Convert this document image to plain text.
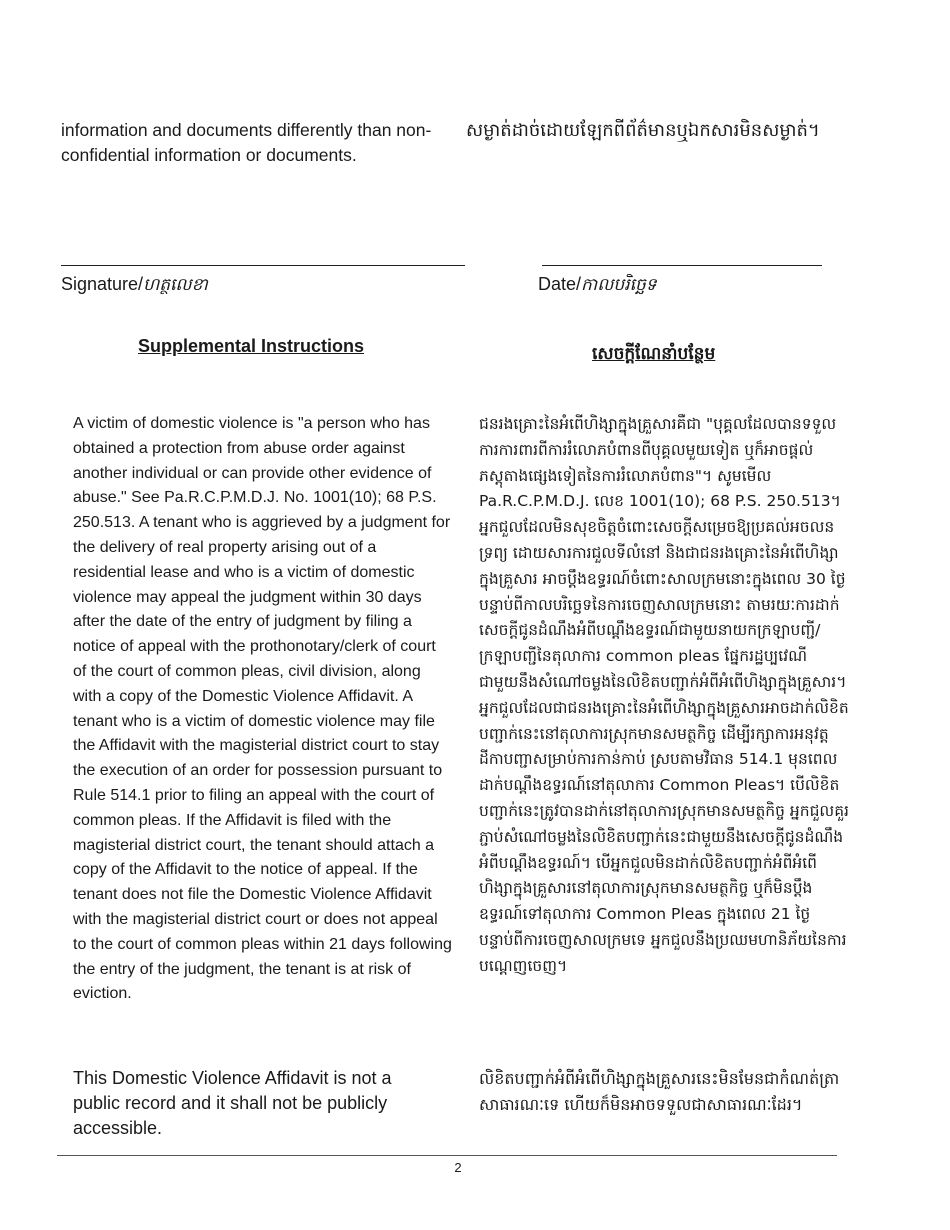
information and documents differently than non-confidential information or documents.
សម្ងាត់ដាច់ដោយឡែកពីព័ត៌មានឬឯកសារមិនសម្ងាត់។
Signature/ហត្ថលេខា	Date/កាលបរិច្ឆេទ
Supplemental Instructions	សេចក្តីណែនាំបន្ថែម
A victim of domestic violence is "a person who has obtained a protection from abuse order against another individual or can provide other evidence of abuse." See Pa.R.C.P.M.D.J. No. 1001(10); 68 P.S. 250.513. A tenant who is aggrieved by a judgment for the delivery of real property arising out of a residential lease and who is a victim of domestic violence may appeal the judgment within 30 days after the date of the entry of judgment by filing a notice of appeal with the prothonotary/clerk of court of the court of common pleas, civil division, along with a copy of the Domestic Violence Affidavit. A tenant who is a victim of domestic violence may file the Affidavit with the magisterial district court to stay the execution of an order for possession pursuant to Rule 514.1 prior to filing an appeal with the court of common pleas. If the Affidavit is filed with the magisterial district court, the tenant should attach a copy of the Affidavit to the notice of appeal. If the tenant does not file the Domestic Violence Affidavit with the magisterial district court or does not appeal to the court of common pleas within 21 days following the entry of the judgment, the tenant is at risk of eviction.
ជនរងគ្រោះនៃអំពើហិង្សាក្នុងគ្រួសារគឺជា "បុគ្គលដែលបានទទួលការការពារពីការរំលោភបំពានពីបុគ្គលមួយទៀត ឬក៏អាចផ្តល់ភស្តុតាងផ្សេងទៀតនៃការរំលោភបំពាន"។ សូមមើល Pa.R.C.P.M.D.J. លេខ 1001(10); 68 P.S. 250.513។ អ្នកជួលដែលមិនសុខចិត្តចំពោះសេចក្តីសម្រេចឱ្យប្រគល់អចលនទ្រព្យ ដោយសារការជួលទីលំនៅ និងជាជនរងគ្រោះនៃអំពើហិង្សាក្នុងគ្រួសារ អាចប្តឹងឧទ្ធរណ៍ចំពោះសាលក្រមនោះក្នុងពេល 30 ថ្ងៃ បន្ទាប់ពីកាលបរិច្ឆេទនៃការចេញសាលក្រមនោះ តាមរយៈការដាក់សេចក្តីជូនដំណឹងអំពីបណ្តឹងឧទ្ធរណ៍ជាមួយនាយកក្រឡាបញ្ជី/ក្រឡាបញ្ជីនៃតុលាការ common pleas ផ្នែករដ្ឋប្បវេណី ជាមួយនឹងសំណៅចម្លងនៃលិខិតបញ្ជាក់អំពីអំពើហិង្សាក្នុងគ្រួសារ។ អ្នកជួលដែលជាជនរងគ្រោះនៃអំពើហិង្សាក្នុងគ្រួសារអាចដាក់លិខិតបញ្ជាក់នេះនៅតុលាការស្រុកមានសមត្ថកិច្ច ដើម្បីរក្សាការអនុវត្តដីកាបញ្ជាសម្រាប់ការកាន់កាប់ ស្របតាមវិធាន 514.1 មុនពេលដាក់បណ្តឹងឧទ្ធរណ៍នៅតុលាការ Common Pleas។ បើលិខិតបញ្ជាក់នេះត្រូវបានដាក់នៅតុលាការស្រុកមានសមត្ថកិច្ច អ្នកជួលគួរភ្ជាប់សំណៅចម្លងនៃលិខិតបញ្ជាក់នេះជាមួយនឹងសេចក្តីជូនដំណឹងអំពីបណ្តឹងឧទ្ធរណ៍។ បើអ្នកជួលមិនដាក់លិខិតបញ្ជាក់អំពីអំពើហិង្សាក្នុងគ្រួសារនៅតុលាការស្រុកមានសមត្ថកិច្ច ឬក៏មិនប្តឹងឧទ្ធរណ៍ទៅតុលាការ Common Pleas ក្នុងពេល 21 ថ្ងៃ បន្ទាប់ពីការចេញសាលក្រមទេ អ្នកជួលនឹងប្រឈមហានិភ័យនៃការបណ្តេញចេញ។
This Domestic Violence Affidavit is not a public record and it shall not be publicly accessible.
លិខិតបញ្ជាក់អំពីអំពើហិង្សាក្នុងគ្រួសារនេះមិនមែនជាកំណត់ត្រាសាធារណៈទេ ហើយក៏មិនអាចទទួលជាសាធារណៈដែរ។
2
